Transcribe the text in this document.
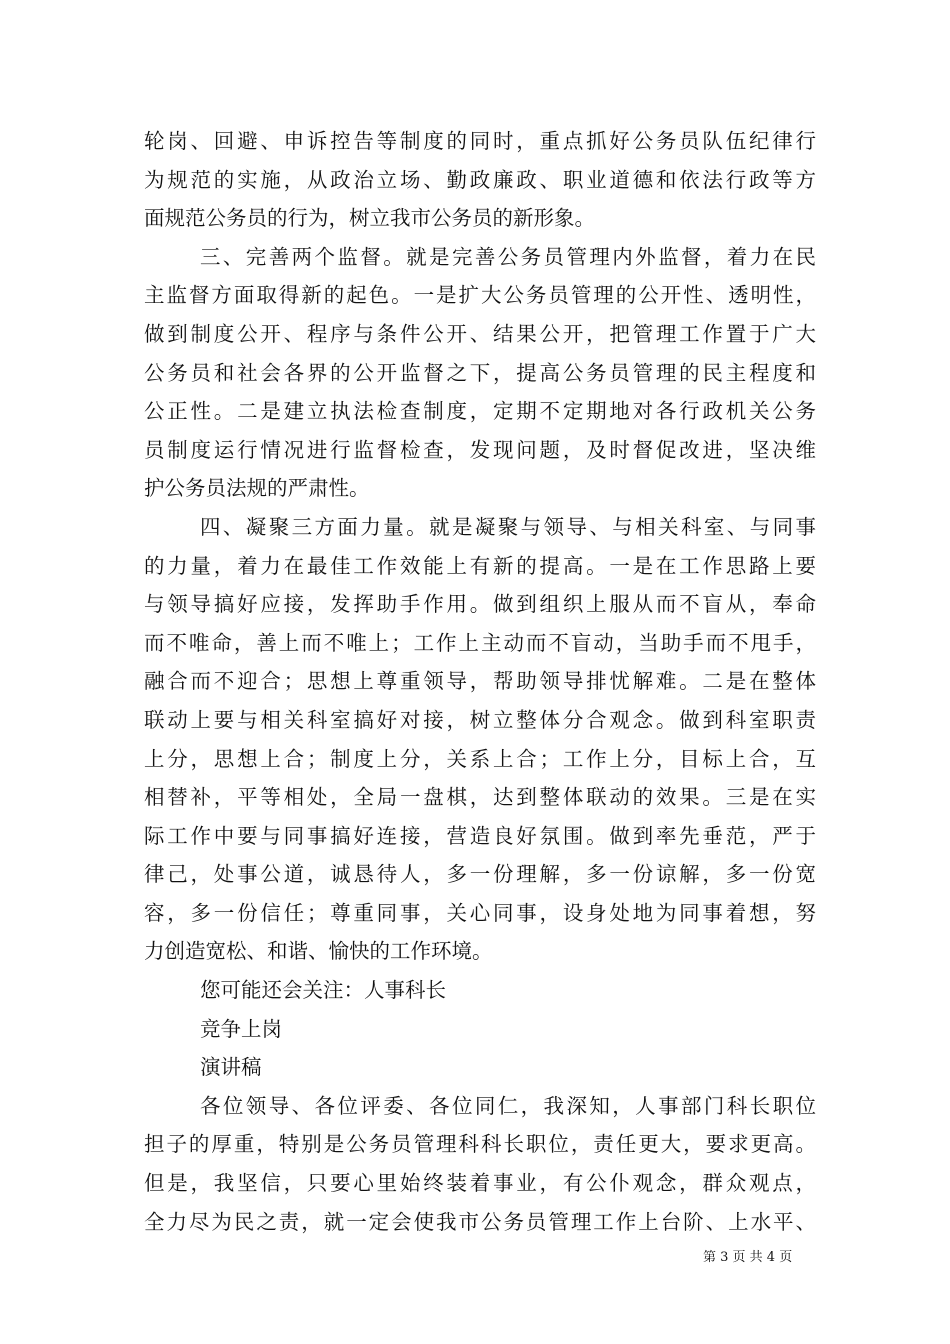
轮岗、回避、申诉控告等制度的同时，重点抓好公务员队伍纪律行
为规范的实施，从政治立场、勤政廉政、职业道德和依法行政等方
面规范公务员的行为，树立我市公务员的新形象。
三、完善两个监督。就是完善公务员管理内外监督，着力在民
主监督方面取得新的起色。一是扩大公务员管理的公开性、透明性，
做到制度公开、程序与条件公开、结果公开，把管理工作置于广大
公务员和社会各界的公开监督之下，提高公务员管理的民主程度和
公正性。二是建立执法检查制度，定期不定期地对各行政机关公务
员制度运行情况进行监督检查，发现问题，及时督促改进，坚决维
护公务员法规的严肃性。
四、凝聚三方面力量。就是凝聚与领导、与相关科室、与同事
的力量，着力在最佳工作效能上有新的提高。一是在工作思路上要
与领导搞好应接，发挥助手作用。做到组织上服从而不盲从，奉命
而不唯命，善上而不唯上；工作上主动而不盲动，当助手而不甩手，
融合而不迎合；思想上尊重领导，帮助领导排忧解难。二是在整体
联动上要与相关科室搞好对接，树立整体分合观念。做到科室职责
上分，思想上合；制度上分，关系上合；工作上分，目标上合，互
相替补，平等相处，全局一盘棋，达到整体联动的效果。三是在实
际工作中要与同事搞好连接，营造良好氛围。做到率先垂范，严于
律己，处事公道，诚恳待人，多一份理解，多一份谅解，多一份宽
容，多一份信任；尊重同事，关心同事，设身处地为同事着想，努
力创造宽松、和谐、愉快的工作环境。
您可能还会关注：人事科长
竞争上岗
演讲稿
各位领导、各位评委、各位同仁，我深知，人事部门科长职位
担子的厚重，特别是公务员管理科科长职位，责任更大，要求更高。
但是，我坚信，只要心里始终装着事业，有公仆观念，群众观点，
全力尽为民之责，就一定会使我市公务员管理工作上台阶、上水平、
第 3 页 共 4 页
